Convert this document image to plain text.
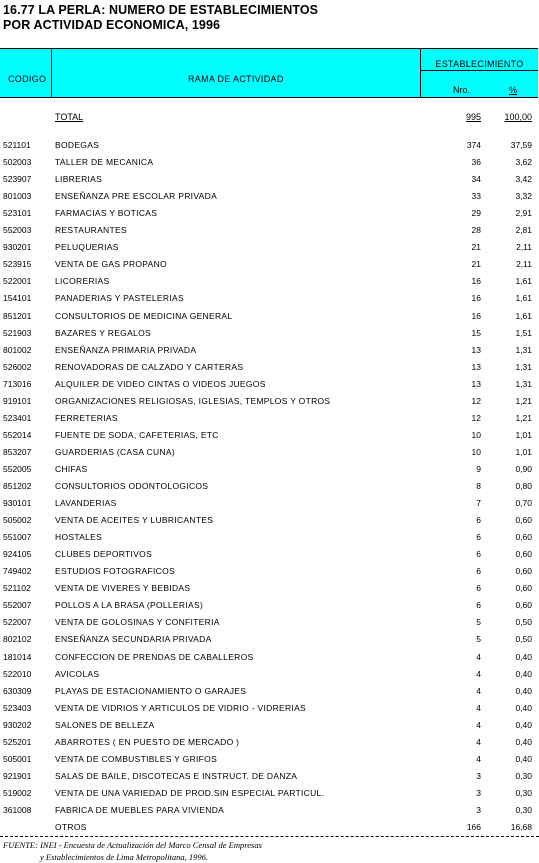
16.77 LA PERLA: NUMERO DE ESTABLECIMIENTOS
POR ACTIVIDAD ECONOMICA, 1996
CODIGO	RAMA DE ACTIVIDAD
ESTABLECIMIENTO
Nro.	%
TOTAL	995	100,00
521101	BODEGAS	374	37,59
502003	TALLER DE MECANICA	36	3,62
523907	LIBRERIAS	34	3,42
801003	ENSEÑANZA PRE ESCOLAR PRIVADA	33	3,32
523101	FARMACIAS Y BOTICAS	29	2,91
552003	RESTAURANTES	28	2,81
930201	PELUQUERIAS	21	2,11
523915	VENTA DE GAS PROPANO	21	2,11
522001	LICORERIAS	16	1,61
154101	PANADERIAS Y PASTELERIAS	16	1,61
851201	CONSULTORIOS DE MEDICINA GENERAL	16	1,61
521903	BAZARES Y REGALOS	15	1,51
801002	ENSEÑANZA PRIMARIA PRIVADA	13	1,31
526002	RENOVADORAS DE CALZADO Y CARTERAS	13	1,31
713016	ALQUILER DE VIDEO CINTAS O VIDEOS JUEGOS	13	1,31
919101	ORGANIZACIONES RELIGIOSAS, IGLESIAS, TEMPLOS Y OTROS	12	1,21
523401	FERRETERIAS	12	1,21
552014	FUENTE DE SODA, CAFETERIAS, ETC	10	1,01
853207	GUARDERIAS (CASA CUNA)	10	1,01
552005	CHIFAS	9	0,90
851202	CONSULTORIOS ODONTOLOGICOS	8	0,80
930101	LAVANDERIAS	7	0,70
505002	VENTA DE ACEITES Y LUBRICANTES	6	0,60
551007	HOSTALES	6	0,60
924105	CLUBES DEPORTIVOS	6	0,60
749402	ESTUDIOS FOTOGRAFICOS	6	0,60
521102	VENTA DE VIVERES Y BEBIDAS	6	0,60
552007	POLLOS A LA BRASA (POLLERIAS)	6	0,60
522007	VENTA DE GOLOSINAS Y CONFITERIA	5	0,50
802102	ENSEÑANZA SECUNDARIA PRIVADA	5	0,50
181014	CONFECCION DE PRENDAS DE CABALLEROS	4	0,40
522010	AVICOLAS	4	0,40
630309	PLAYAS DE ESTACIONAMIENTO O GARAJES	4	0,40
523403	VENTA DE VIDRIOS Y ARTICULOS DE VIDRIO - VIDRERIAS	4	0,40
930202	SALONES DE BELLEZA	4	0,40
525201	ABARROTES ( EN PUESTO DE MERCADO )	4	0,40
505001	VENTA DE COMBUSTIBLES Y GRIFOS	4	0,40
921901	SALAS DE BAILE, DISCOTECAS E INSTRUCT. DE DANZA	3	0,30
519002	VENTA DE UNA VARIEDAD DE PROD.SIN ESPECIAL PARTICUL.	3	0,30
361008	FABRICA DE MUEBLES PARA VIVIENDA	3	0,30
OTROS	166	16,68
FUENTE: INEI - Encuesta de Actualización del Marco Censal de Empresas
y Establecimientos de Lima Metropolitana, 1996.
